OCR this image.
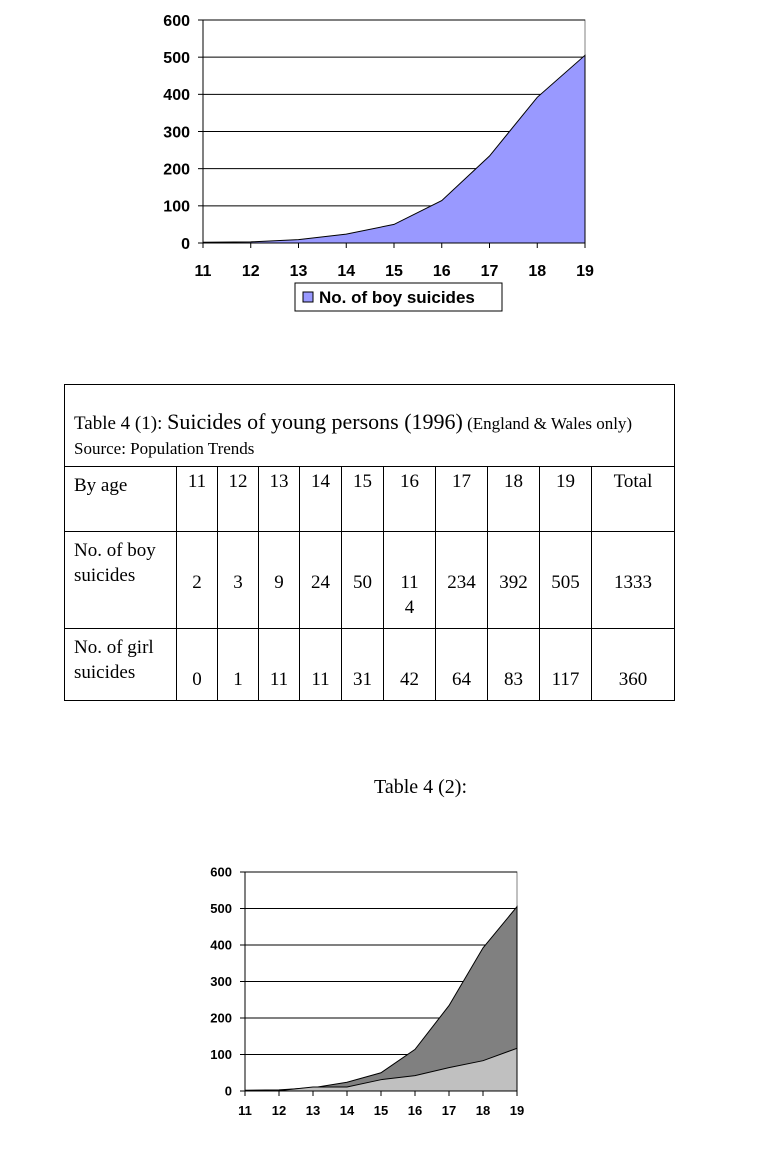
0
100
200
300
400
500
600
11 12 13 14 15 16 17 18 19
No. of boy suicides
Table 4 (1): Suicides of young persons (1996) (England & Wales only) Source: Population Trends										
By age	11	12	13	14	15	16	17	18	19	Total
No. of boy suicides	2	3	9	24	50	114	234	392	505	1333
No. of girl suicides	0	1	11	11	31	42	64	83	117	360
Table 4 (2):
0
100
200
300
400
500
600
11 12 13 14 15 16 17 18 19
